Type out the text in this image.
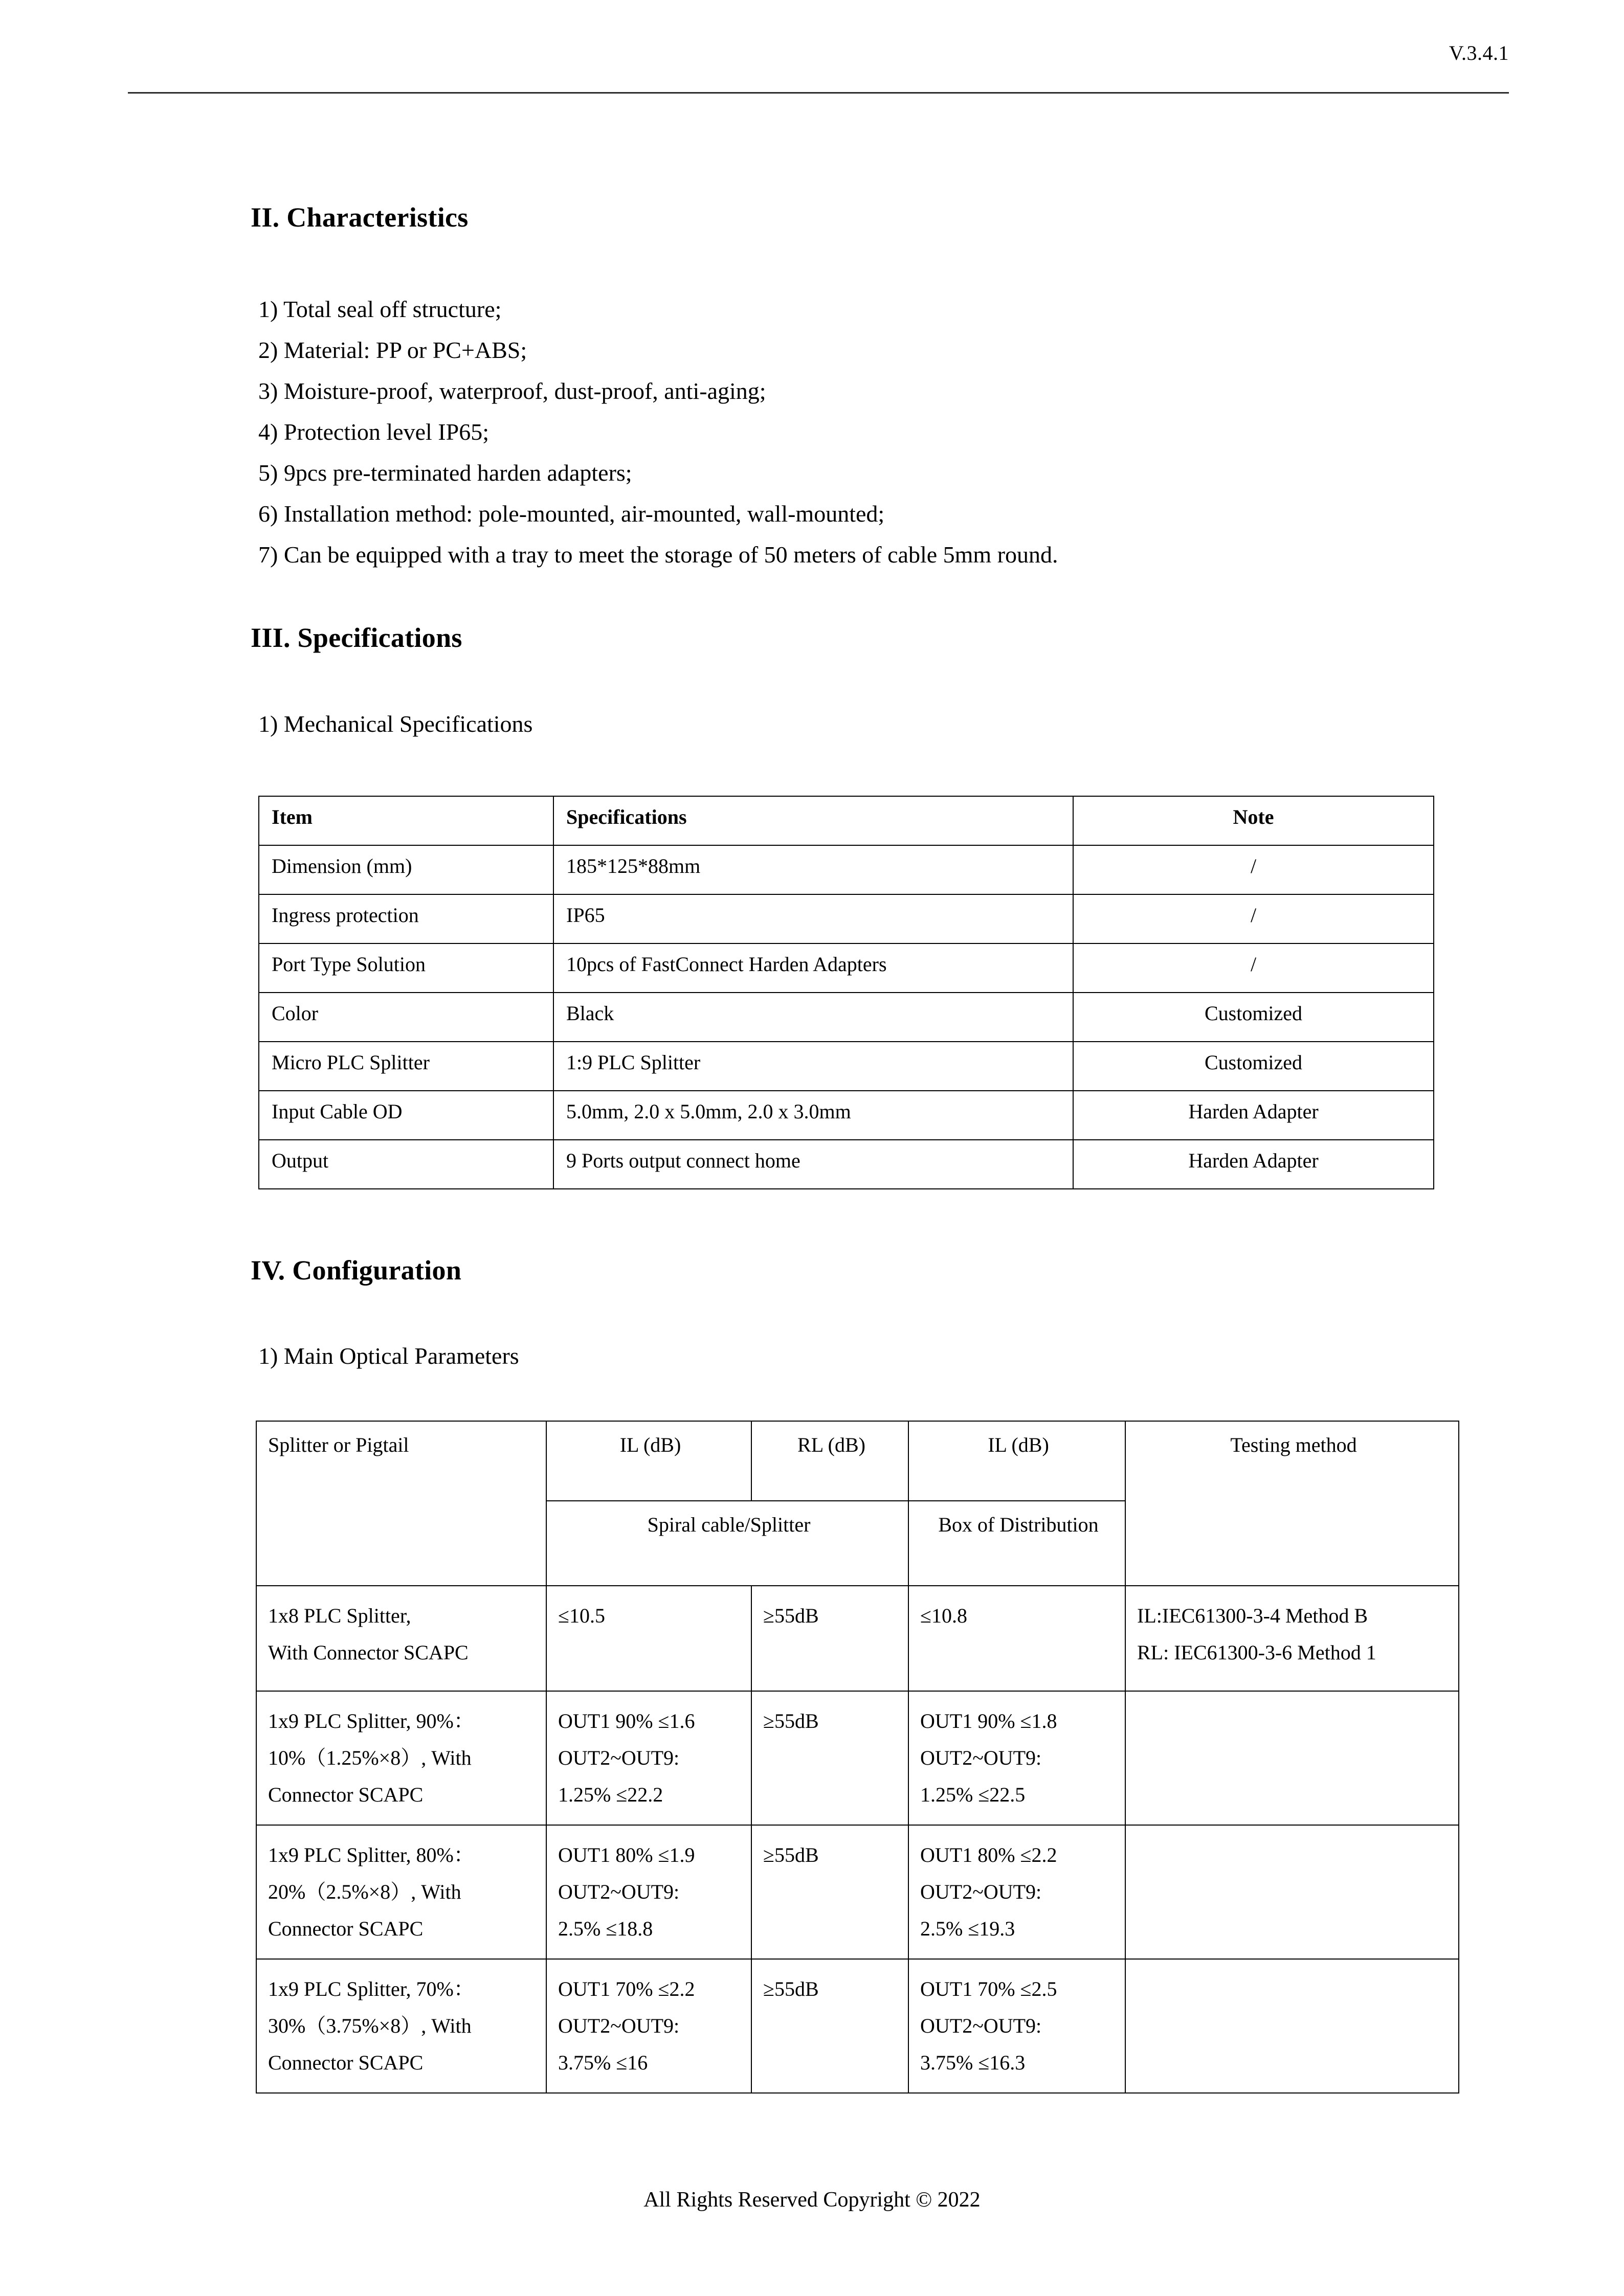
V.3.4.1
II. Characteristics
1) Total seal off structure;
2) Material: PP or PC+ABS;
3) Moisture-proof, waterproof, dust-proof, anti-aging;
4) Protection level IP65;
5) 9pcs pre-terminated harden adapters;
6) Installation method: pole-mounted, air-mounted, wall-mounted;
7) Can be equipped with a tray to meet the storage of 50 meters of cable 5mm round.
III. Specifications
1) Mechanical Specifications
Item	Specifications	Note
Dimension (mm)	185*125*88mm	/
Ingress protection	IP65	/
Port Type Solution	10pcs of FastConnect Harden Adapters	/
Color	Black	Customized
Micro PLC Splitter	1:9 PLC Splitter	Customized
Input Cable OD	5.0mm, 2.0 x 5.0mm, 2.0 x 3.0mm	Harden Adapter
Output	9 Ports output connect home	Harden Adapter
IV. Configuration
1) Main Optical Parameters
Splitter or Pigtail	IL (dB)	RL (dB)	IL (dB)	Testing method
	Spiral cable/Splitter		Box of Distribution	

1x8 PLC Splitter,
With Connector SCAPC	≤10.5	≥55dB	≤10.8	IL:IEC61300-3-4 Method B
RL: IEC61300-3-6 Method 1

1x9 PLC Splitter, 90%：
10%（1.25%×8）, With
Connector SCAPC	OUT1 90% ≤1.6
OUT2~OUT9:
1.25% ≤22.2	≥55dB	OUT1 90% ≤1.8
OUT2~OUT9:
1.25% ≤22.5	

1x9 PLC Splitter, 80%：
20%（2.5%×8）, With
Connector SCAPC	OUT1 80% ≤1.9
OUT2~OUT9:
2.5% ≤18.8	≥55dB	OUT1 80% ≤2.2
OUT2~OUT9:
2.5% ≤19.3	

1x9 PLC Splitter, 70%：
30%（3.75%×8）, With
Connector SCAPC	OUT1 70% ≤2.2
OUT2~OUT9:
3.75% ≤16	≥55dB	OUT1 70% ≤2.5
OUT2~OUT9:
3.75% ≤16.3	

All Rights Reserved Copyright © 2022
